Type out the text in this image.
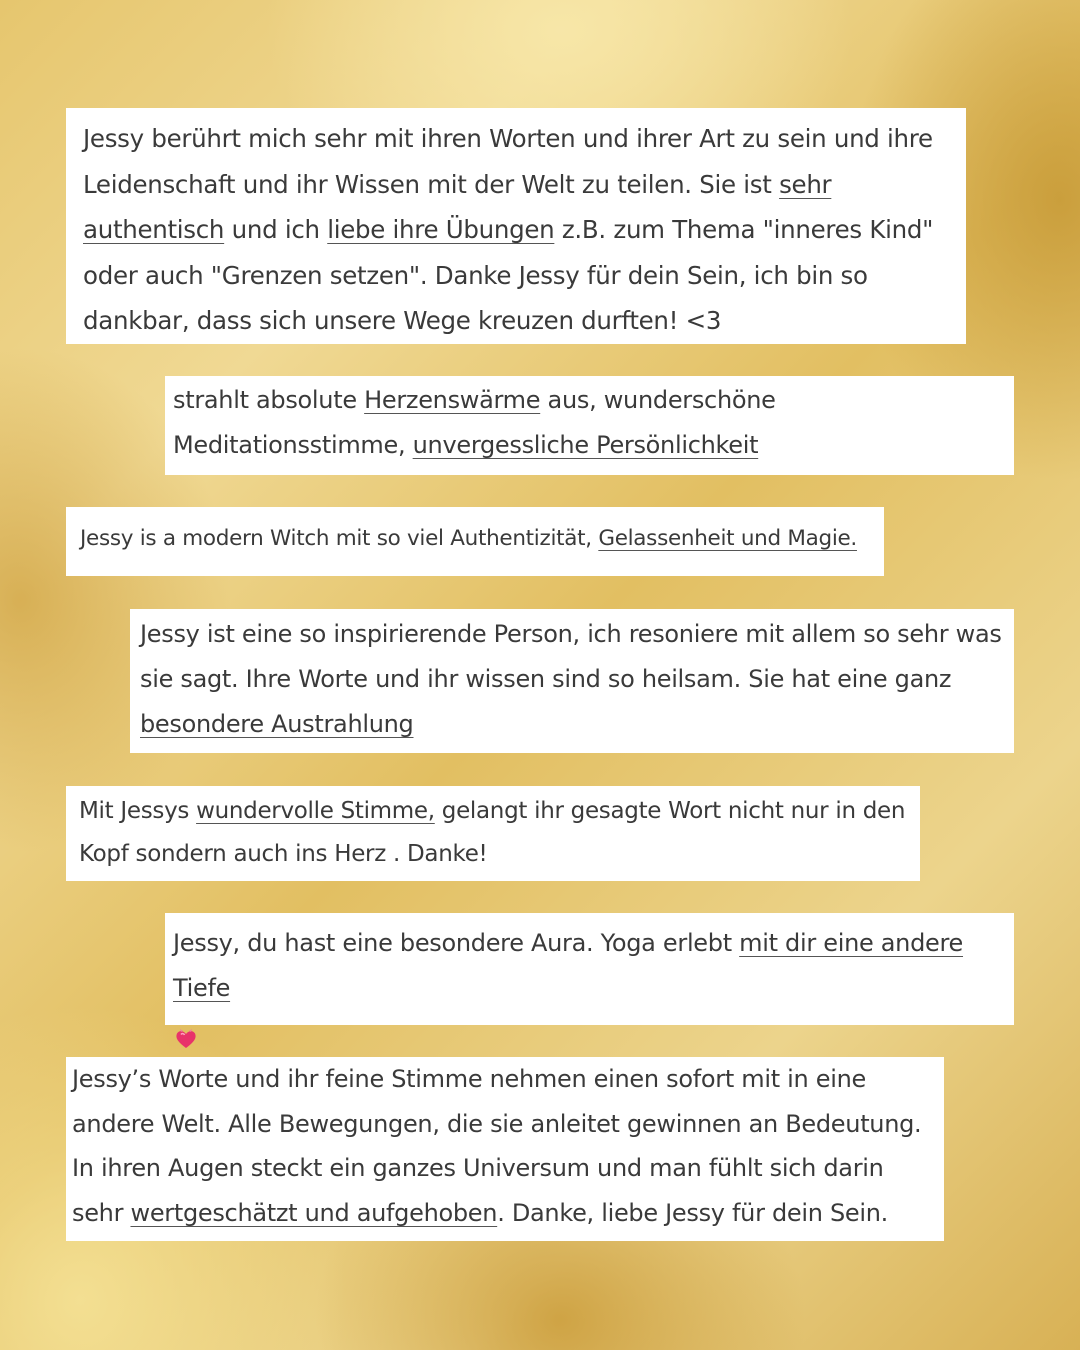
Jessy berührt mich sehr mit ihren Worten und ihrer Art zu sein und ihre Leidenschaft und ihr Wissen mit der Welt zu teilen. Sie ist sehr authentisch und ich liebe ihre Übungen z.B. zum Thema "inneres Kind" oder auch "Grenzen setzen". Danke Jessy für dein Sein, ich bin so dankbar, dass sich unsere Wege kreuzen durften! <3

strahlt absolute Herzenswärme aus, wunderschöne Meditationsstimme, unvergessliche Persönlichkeit

Jessy is a modern Witch mit so viel Authentizität, Gelassenheit und Magie.

Jessy ist eine so inspirierende Person, ich resoniere mit allem so sehr was sie sagt. Ihre Worte und ihr wissen sind so heilsam. Sie hat eine ganz besondere Austrahlung

Mit Jessys wundervolle Stimme, gelangt ihr gesagte Wort nicht nur in den Kopf sondern auch ins Herz . Danke!

Jessy, du hast eine besondere Aura. Yoga erlebt mit dir eine andere Tiefe

Jessy’s Worte und ihr feine Stimme nehmen einen sofort mit in eine andere Welt. Alle Bewegungen, die sie anleitet gewinnen an Bedeutung. In ihren Augen steckt ein ganzes Universum und man fühlt sich darin sehr wertgeschätzt und aufgehoben. Danke, liebe Jessy für dein Sein.
